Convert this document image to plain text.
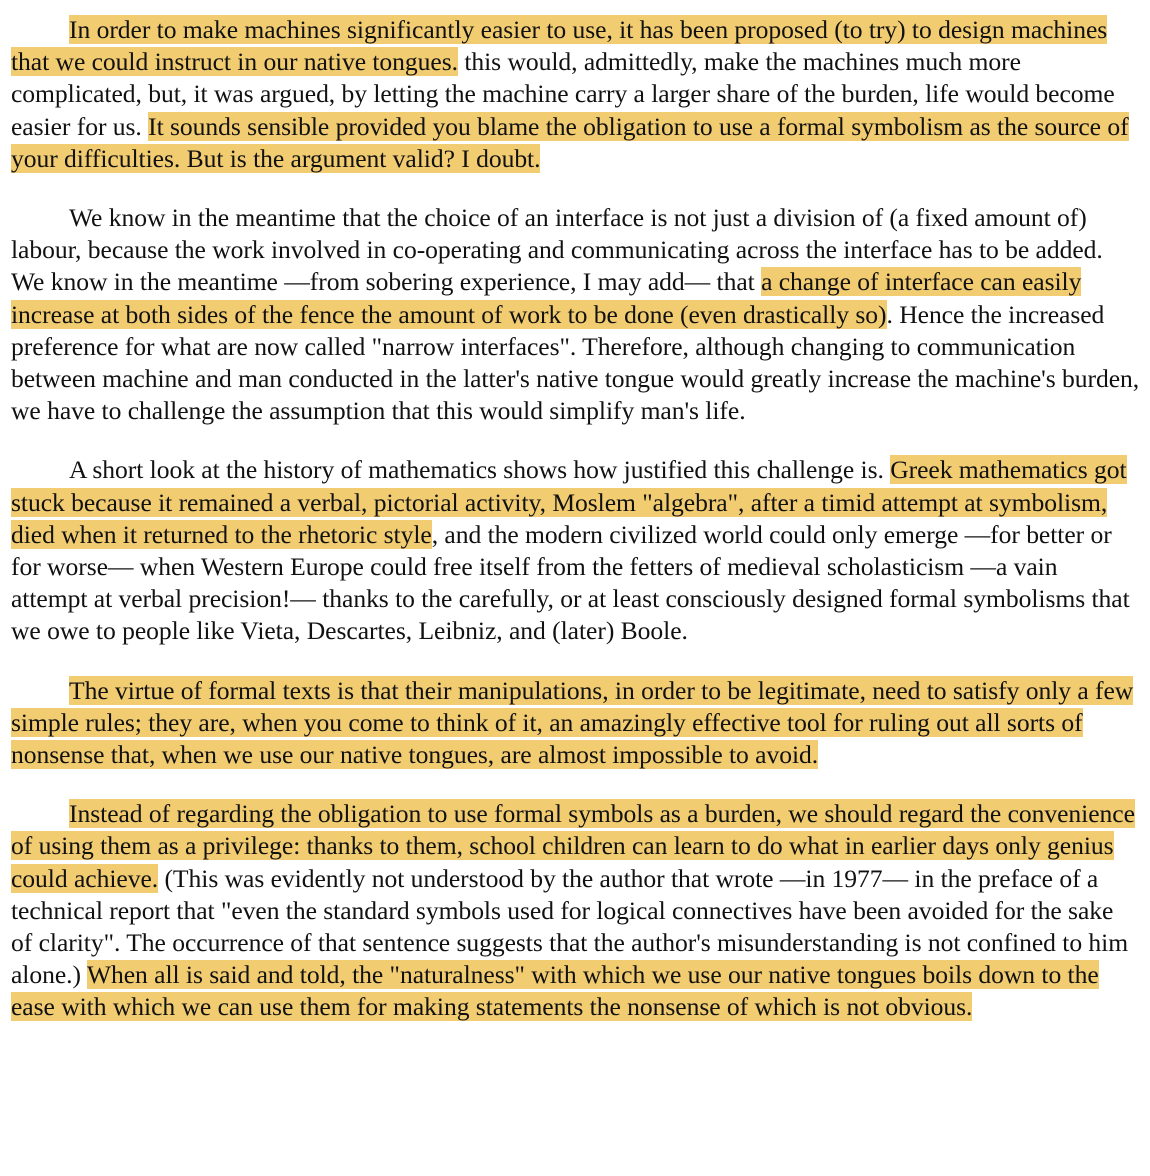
In order to make machines significantly easier to use, it has been proposed (to try) to design machines that we could instruct in our native tongues. this would, admittedly, make the machines much more complicated, but, it was argued, by letting the machine carry a larger share of the burden, life would become easier for us. It sounds sensible provided you blame the obligation to use a formal symbolism as the source of your difficulties. But is the argument valid? I doubt.

We know in the meantime that the choice of an interface is not just a division of (a fixed amount of) labour, because the work involved in co-operating and communicating across the interface has to be added. We know in the meantime —from sobering experience, I may add— that a change of interface can easily increase at both sides of the fence the amount of work to be done (even drastically so). Hence the increased preference for what are now called "narrow interfaces". Therefore, although changing to communication between machine and man conducted in the latter's native tongue would greatly increase the machine's burden, we have to challenge the assumption that this would simplify man's life.

A short look at the history of mathematics shows how justified this challenge is. Greek mathematics got stuck because it remained a verbal, pictorial activity, Moslem "algebra", after a timid attempt at symbolism, died when it returned to the rhetoric style, and the modern civilized world could only emerge —for better or for worse— when Western Europe could free itself from the fetters of medieval scholasticism —a vain attempt at verbal precision!— thanks to the carefully, or at least consciously designed formal symbolisms that we owe to people like Vieta, Descartes, Leibniz, and (later) Boole.

The virtue of formal texts is that their manipulations, in order to be legitimate, need to satisfy only a few simple rules; they are, when you come to think of it, an amazingly effective tool for ruling out all sorts of nonsense that, when we use our native tongues, are almost impossible to avoid.

Instead of regarding the obligation to use formal symbols as a burden, we should regard the convenience of using them as a privilege: thanks to them, school children can learn to do what in earlier days only genius could achieve. (This was evidently not understood by the author that wrote —in 1977— in the preface of a technical report that "even the standard symbols used for logical connectives have been avoided for the sake of clarity". The occurrence of that sentence suggests that the author's misunderstanding is not confined to him alone.) When all is said and told, the "naturalness" with which we use our native tongues boils down to the ease with which we can use them for making statements the nonsense of which is not obvious.
